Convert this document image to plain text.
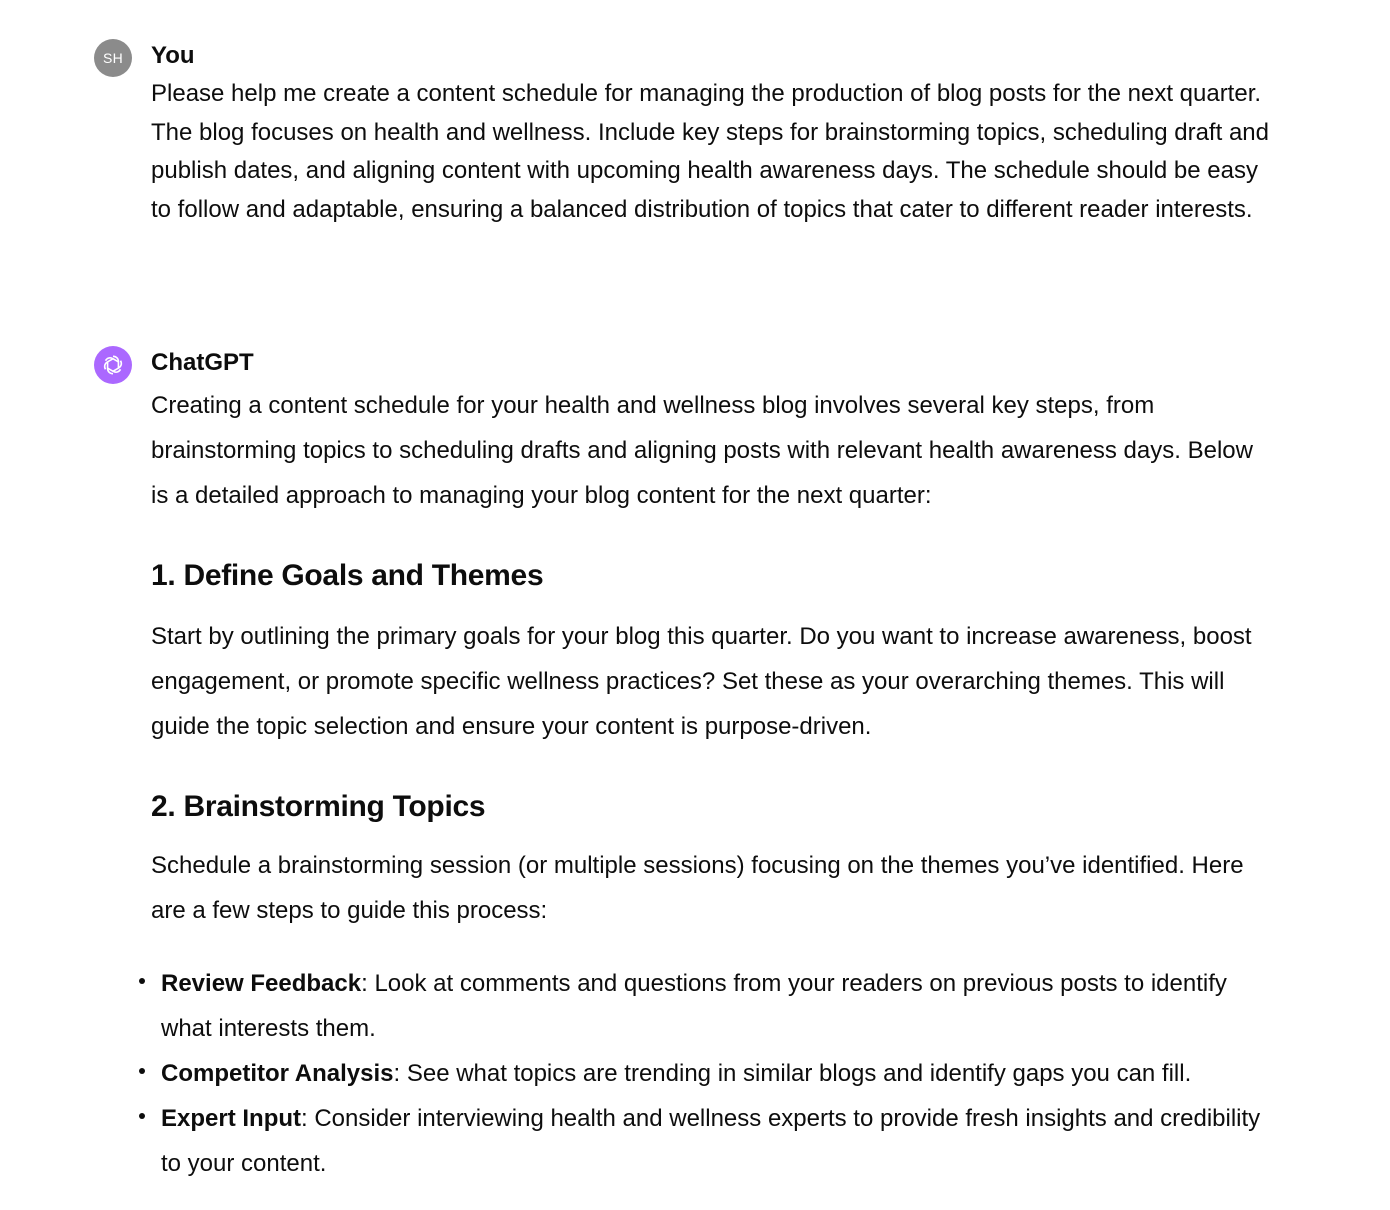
SH	You

Please help me create a content schedule for managing the production of blog posts for the next quarter. The blog focuses on health and wellness. Include key steps for brainstorming topics, scheduling draft and publish dates, and aligning content with upcoming health awareness days. The schedule should be easy to follow and adaptable, ensuring a balanced distribution of topics that cater to different reader interests.

ChatGPT

Creating a content schedule for your health and wellness blog involves several key steps, from brainstorming topics to scheduling drafts and aligning posts with relevant health awareness days. Below is a detailed approach to managing your blog content for the next quarter:

1. Define Goals and Themes

Start by outlining the primary goals for your blog this quarter. Do you want to increase awareness, boost engagement, or promote specific wellness practices? Set these as your overarching themes. This will guide the topic selection and ensure your content is purpose-driven.

2. Brainstorming Topics

Schedule a brainstorming session (or multiple sessions) focusing on the themes you’ve identified. Here are a few steps to guide this process:

Review Feedback: Look at comments and questions from your readers on previous posts to identify what interests them.
Competitor Analysis: See what topics are trending in similar blogs and identify gaps you can fill.
Expert Input: Consider interviewing health and wellness experts to provide fresh insights and credibility to your content.
